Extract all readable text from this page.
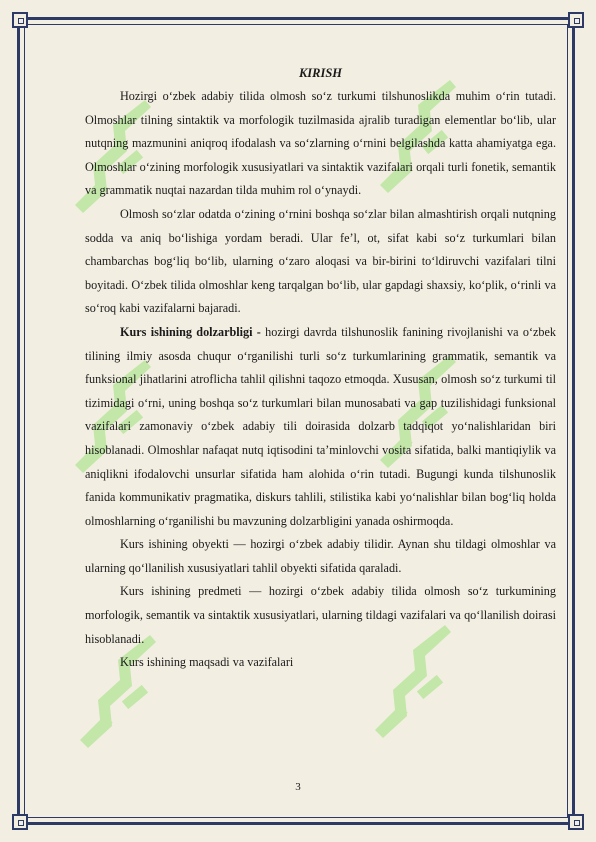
KIRISH

Hozirgi o‘zbek adabiy tilida olmosh so‘z turkumi tilshunoslikda muhim o‘rin tutadi. Olmoshlar tilning sintaktik va morfologik tuzilmasida ajralib turadigan elementlar bo‘lib, ular nutqning mazmunini aniqroq ifodalash va so‘zlarning o‘rnini belgilashda katta ahamiyatga ega. Olmoshlar o‘zining morfologik xususiyatlari va sintaktik vazifalari orqali turli fonetik, semantik va grammatik nuqtai nazardan tilda muhim rol o‘ynaydi.

Olmosh so‘zlar odatda o‘zining o‘rnini boshqa so‘zlar bilan almashtirish orqali nutqning sodda va aniq bo‘lishiga yordam beradi. Ular fe’l, ot, sifat kabi so‘z turkumlari bilan chambarchas bog‘liq bo‘lib, ularning o‘zaro aloqasi va bir-birini to‘ldiruvchi vazifalari tilni boyitadi. O‘zbek tilida olmoshlar keng tarqalgan bo‘lib, ular gapdagi shaxsiy, ko‘plik, o‘rinli va so‘roq kabi vazifalarni bajaradi.

Kurs ishining dolzarbligi - hozirgi davrda tilshunoslik fanining rivojlanishi va o‘zbek tilining ilmiy asosda chuqur o‘rganilishi turli so‘z turkumlarining grammatik, semantik va funksional jihatlarini atroflicha tahlil qilishni taqozo etmoqda. Xususan, olmosh so‘z turkumi til tizimidagi o‘rni, uning boshqa so‘z turkumlari bilan munosabati va gap tuzilishidagi funksional vazifalari zamonaviy o‘zbek adabiy tili doirasida dolzarb tadqiqot yo‘nalishlaridan biri hisoblanadi. Olmoshlar nafaqat nutq iqtisodini ta’minlovchi vosita sifatida, balki mantiqiylik va aniqlikni ifodalovchi unsurlar sifatida ham alohida o‘rin tutadi. Bugungi kunda tilshunoslik fanida kommunikativ pragmatika, diskurs tahlili, stilistika kabi yo‘nalishlar bilan bog‘liq holda olmoshlarning o‘rganilishi bu mavzuning dolzarbligini yanada oshirmoqda.

Kurs ishining obyekti — hozirgi o‘zbek adabiy tilidir. Aynan shu tildagi olmoshlar va ularning qo‘llanilish xususiyatlari tahlil obyekti sifatida qaraladi.

Kurs ishining predmeti — hozirgi o‘zbek adabiy tilida olmosh so‘z turkumining morfologik, semantik va sintaktik xususiyatlari, ularning tildagi vazifalari va qo‘llanilish doirasi hisoblanadi.

Kurs ishining maqsadi va vazifalari

3
